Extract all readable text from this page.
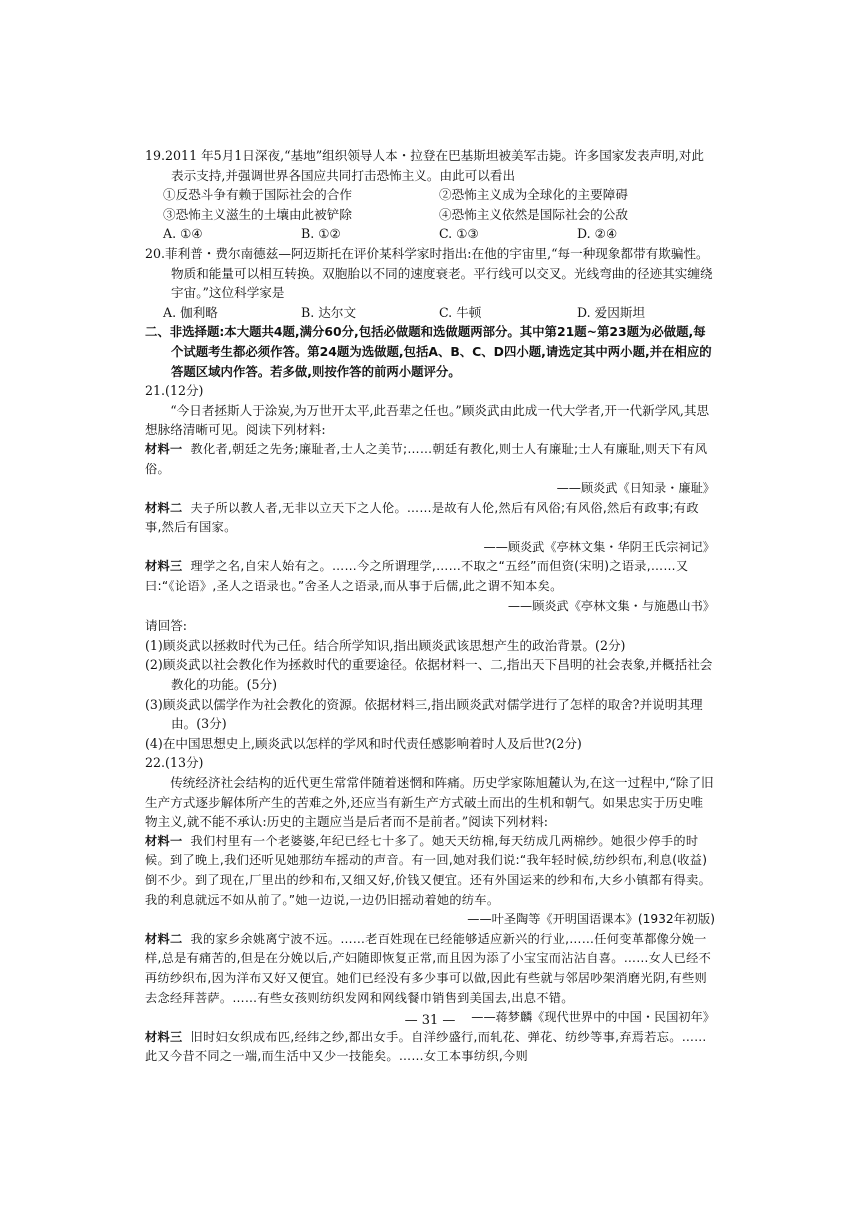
19.2011 年5月1日深夜,“基地”组织领导人本・拉登在巴基斯坦被美军击毙。许多国家发表声明,对此表示支持,并强调世界各国应共同打击恐怖主义。由此可以看出

①反恐斗争有赖于国际社会的合作	②恐怖主义成为全球化的主要障碍
③恐怖主义滋生的土壤由此被铲除	④恐怖主义依然是国际社会的公敌
A. ①④	B. ①②	C. ①③	D. ②④

20.菲利普・费尔南德兹—阿迈斯托在评价某科学家时指出:在他的宇宙里,“每一种现象都带有欺骗性。物质和能量可以相互转换。双胞胎以不同的速度衰老。平行线可以交叉。光线弯曲的径迹其实缠绕宇宙。”这位科学家是

A. 伽利略	B. 达尔文	C. 牛顿	D. 爱因斯坦

二、非选择题:本大题共4题,满分60分,包括必做题和选做题两部分。其中第21题~第23题为必做题,每个试题考生都必须作答。第24题为选做题,包括A、B、C、D四小题,请选定其中两小题,并在相应的答题区域内作答。若多做,则按作答的前两小题评分。

21.(12分)

“今日者拯斯人于涂炭,为万世开太平,此吾辈之任也。”顾炎武由此成一代大学者,开一代新学风,其思想脉络清晰可见。阅读下列材料:

材料一 教化者,朝廷之先务;廉耻者,士人之美节;……朝廷有教化,则士人有廉耻;士人有廉耻,则天下有风俗。

——顾炎武《日知录・廉耻》

材料二 夫子所以教人者,无非以立天下之人伦。……是故有人伦,然后有风俗;有风俗,然后有政事;有政事,然后有国家。

——顾炎武《亭林文集・华阴王氏宗祠记》

材料三 理学之名,自宋人始有之。……今之所谓理学,……不取之“五经”而但资(宋明)之语录,……又曰:“《论语》,圣人之语录也。”舍圣人之语录,而从事于后儒,此之谓不知本矣。

——顾炎武《亭林文集・与施愚山书》

请回答:

(1)顾炎武以拯救时代为己任。结合所学知识,指出顾炎武该思想产生的政治背景。(2分)

(2)顾炎武以社会教化作为拯救时代的重要途径。依据材料一、二,指出天下昌明的社会表象,并概括社会教化的功能。(5分)

(3)顾炎武以儒学作为社会教化的资源。依据材料三,指出顾炎武对儒学进行了怎样的取舍?并说明其理由。(3分)

(4)在中国思想史上,顾炎武以怎样的学风和时代责任感影响着时人及后世?(2分)

22.(13分)

传统经济社会结构的近代更生常常伴随着迷惘和阵痛。历史学家陈旭麓认为,在这一过程中,“除了旧生产方式逐步解体所产生的苦难之外,还应当有新生产方式破土而出的生机和朝气。如果忠实于历史唯物主义,就不能不承认:历史的主题应当是后者而不是前者。”阅读下列材料:

材料一 我们村里有一个老婆婆,年纪已经七十多了。她天天纺棉,每天纺成几两棉纱。她很少停手的时候。到了晚上,我们还听见她那纺车摇动的声音。有一回,她对我们说:“我年轻时候,纺纱织布,利息(收益)倒不少。到了现在,厂里出的纱和布,又细又好,价钱又便宜。还有外国运来的纱和布,大乡小镇都有得卖。我的利息就远不如从前了。”她一边说,一边仍旧摇动着她的纺车。

——叶圣陶等《开明国语课本》(1932年初版)

材料二 我的家乡余姚离宁波不远。……老百姓现在已经能够适应新兴的行业,……任何变革都像分娩一样,总是有痛苦的,但是在分娩以后,产妇随即恢复正常,而且因为添了小宝宝而沾沾自喜。……女人已经不再纺纱织布,因为洋布又好又便宜。她们已经没有多少事可以做,因此有些就与邻居吵架消磨光阴,有些则去念经拜菩萨。……有些女孩则纺织发网和网线餐巾销售到美国去,出息不错。

——蒋梦麟《现代世界中的中国・民国初年》

材料三 旧时妇女织成布匹,经纬之纱,都出女手。自洋纱盛行,而轧花、弹花、纺纱等事,弃焉若忘。……此又今昔不同之一端,而生活中又少一技能矣。……女工本事纺织,今则

— 31 —
